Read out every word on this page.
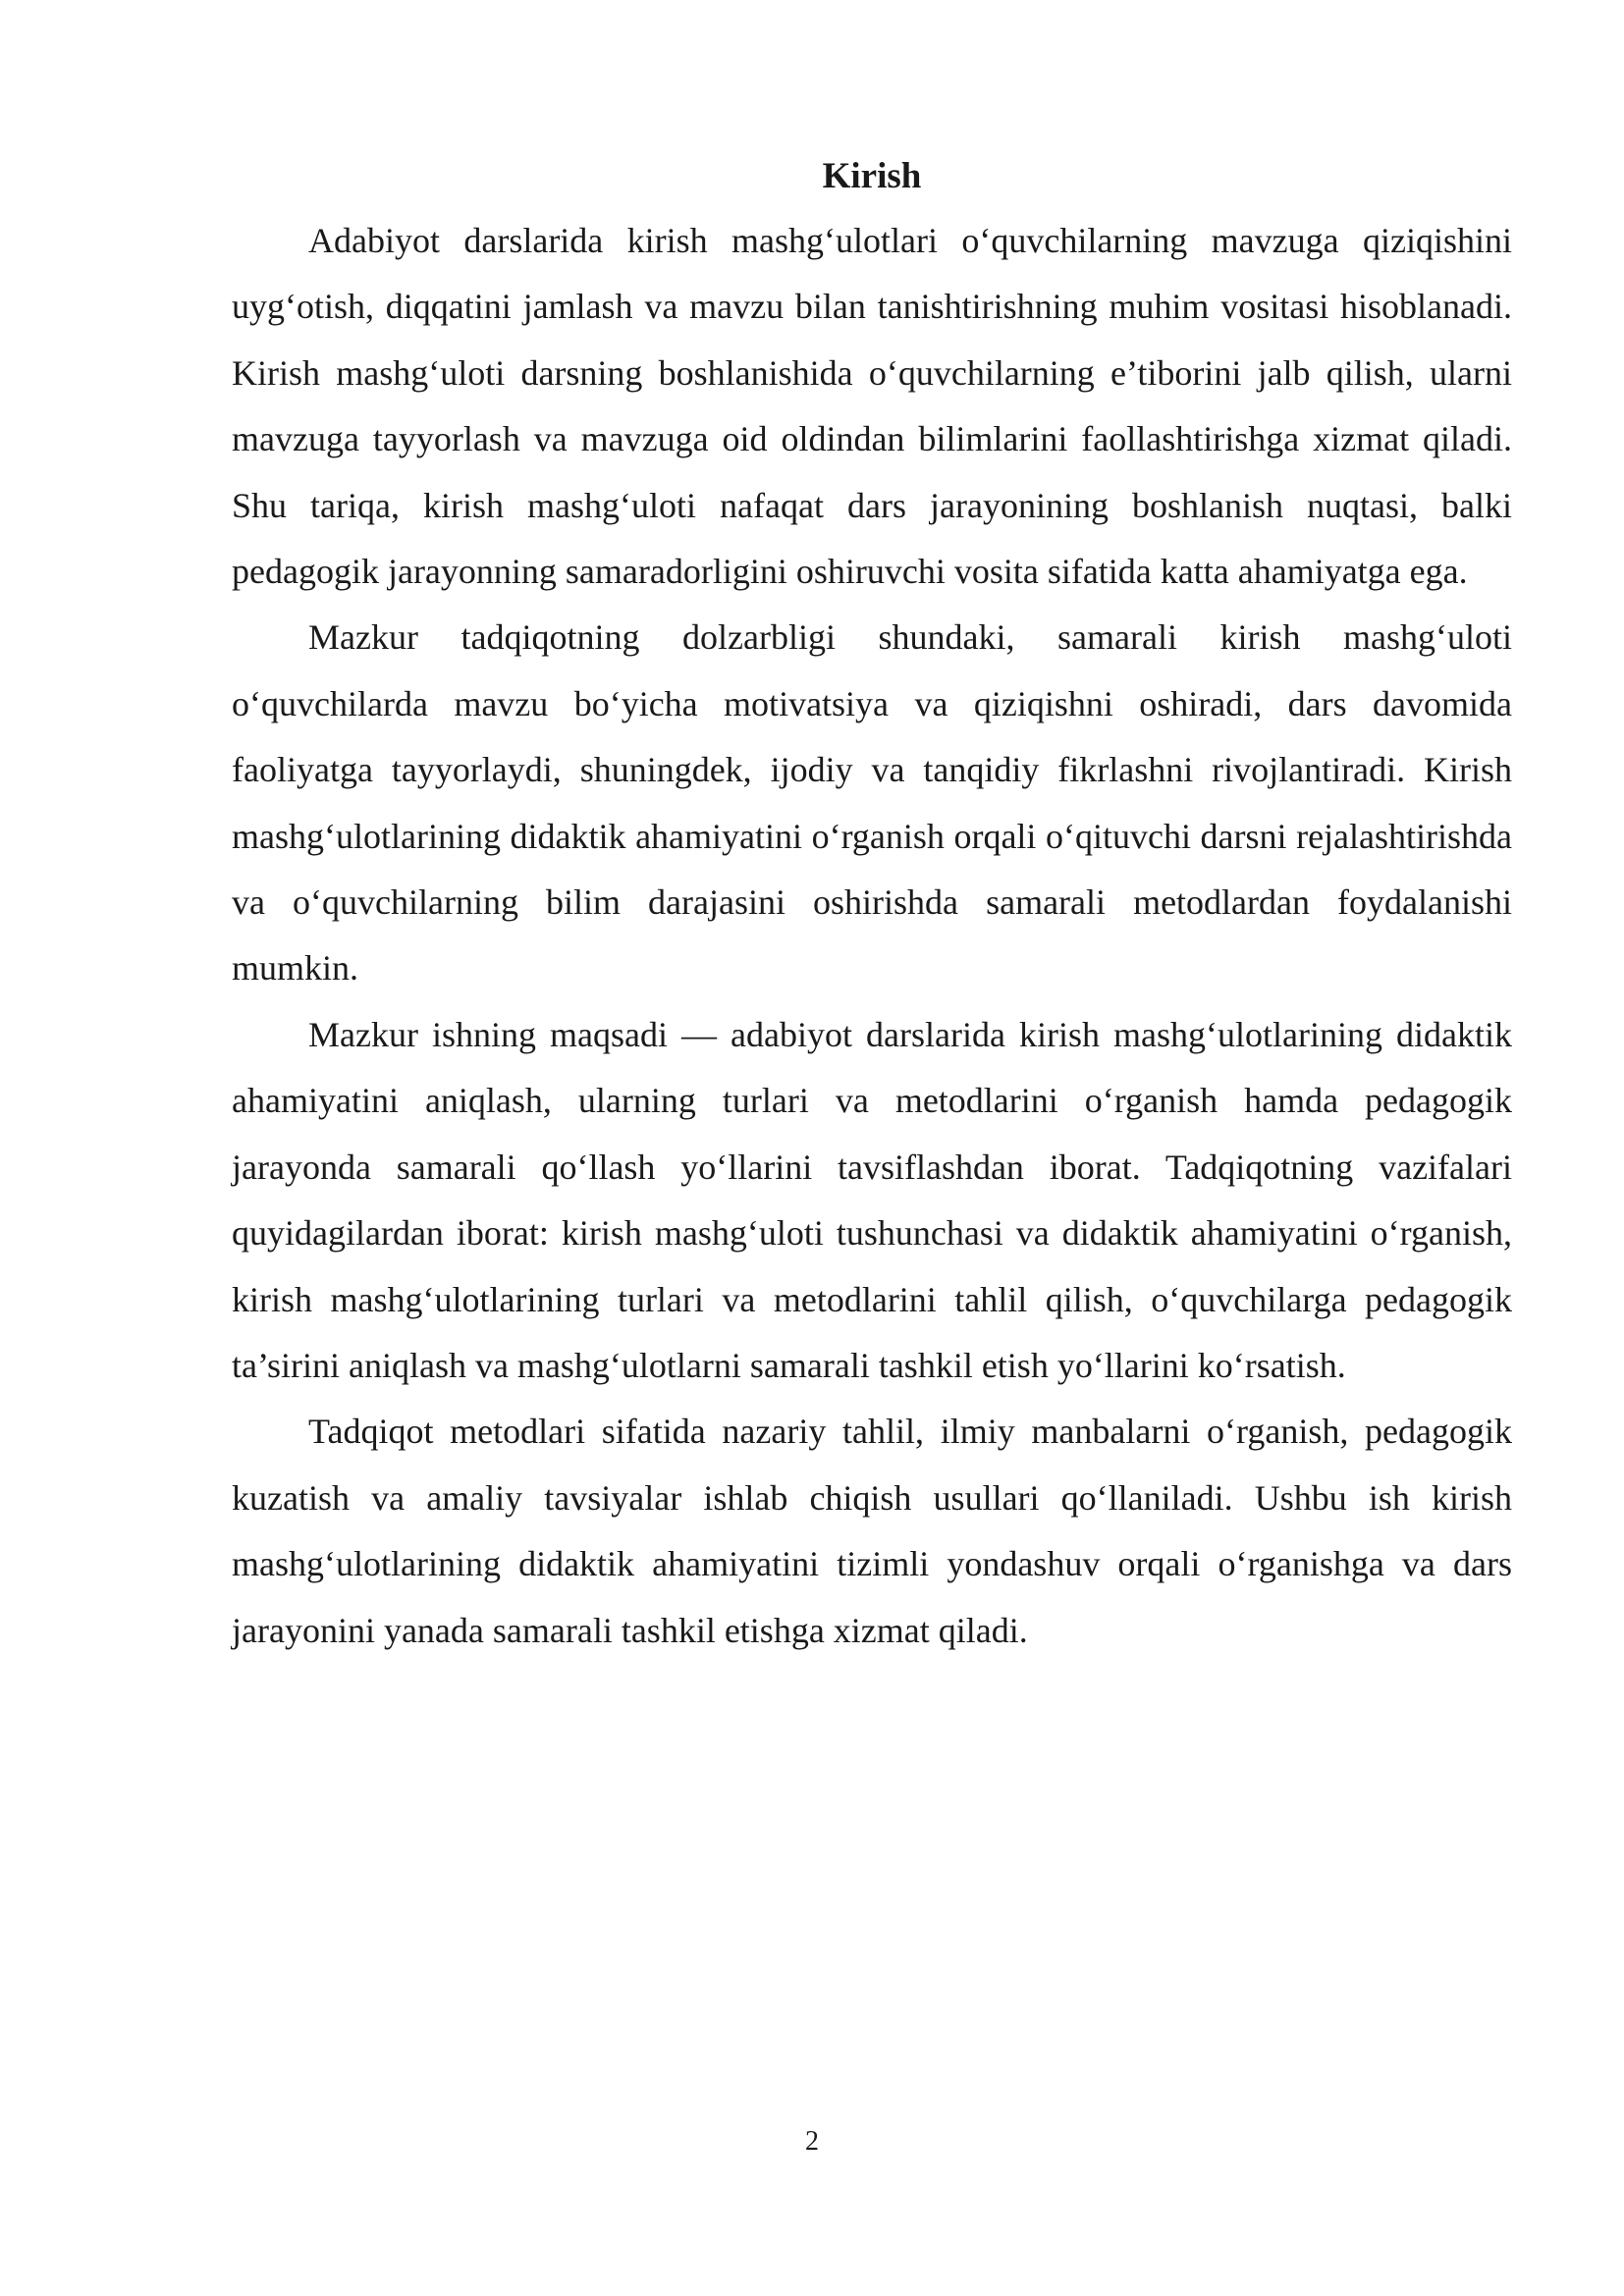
Kirish

Adabiyot darslarida kirish mashg‘ulotlari o‘quvchilarning mavzuga qiziqishini uyg‘otish, diqqatini jamlash va mavzu bilan tanishtirishning muhim vositasi hisoblanadi. Kirish mashg‘uloti darsning boshlanishida o‘quvchilarning e’tiborini jalb qilish, ularni mavzuga tayyorlash va mavzuga oid oldindan bilimlarini faollashtirishga xizmat qiladi. Shu tariqa, kirish mashg‘uloti nafaqat dars jarayonining boshlanish nuqtasi, balki pedagogik jarayonning samaradorligini oshiruvchi vosita sifatida katta ahamiyatga ega.

Mazkur tadqiqotning dolzarbligi shundaki, samarali kirish mashg‘uloti o‘quvchilarda mavzu bo‘yicha motivatsiya va qiziqishni oshiradi, dars davomida faoliyatga tayyorlaydi, shuningdek, ijodiy va tanqidiy fikrlashni rivojlantiradi. Kirish mashg‘ulotlarining didaktik ahamiyatini o‘rganish orqali o‘qituvchi darsni rejalashtirishda va o‘quvchilarning bilim darajasini oshirishda samarali metodlardan foydalanishi mumkin.

Mazkur ishning maqsadi — adabiyot darslarida kirish mashg‘ulotlarining didaktik ahamiyatini aniqlash, ularning turlari va metodlarini o‘rganish hamda pedagogik jarayonda samarali qo‘llash yo‘llarini tavsiflashdan iborat. Tadqiqotning vazifalari quyidagilardan iborat: kirish mashg‘uloti tushunchasi va didaktik ahamiyatini o‘rganish, kirish mashg‘ulotlarining turlari va metodlarini tahlil qilish, o‘quvchilarga pedagogik ta’sirini aniqlash va mashg‘ulotlarni samarali tashkil etish yo‘llarini ko‘rsatish.

Tadqiqot metodlari sifatida nazariy tahlil, ilmiy manbalarni o‘rganish, pedagogik kuzatish va amaliy tavsiyalar ishlab chiqish usullari qo‘llaniladi. Ushbu ish kirish mashg‘ulotlarining didaktik ahamiyatini tizimli yondashuv orqali o‘rganishga va dars jarayonini yanada samarali tashkil etishga xizmat qiladi.

2
